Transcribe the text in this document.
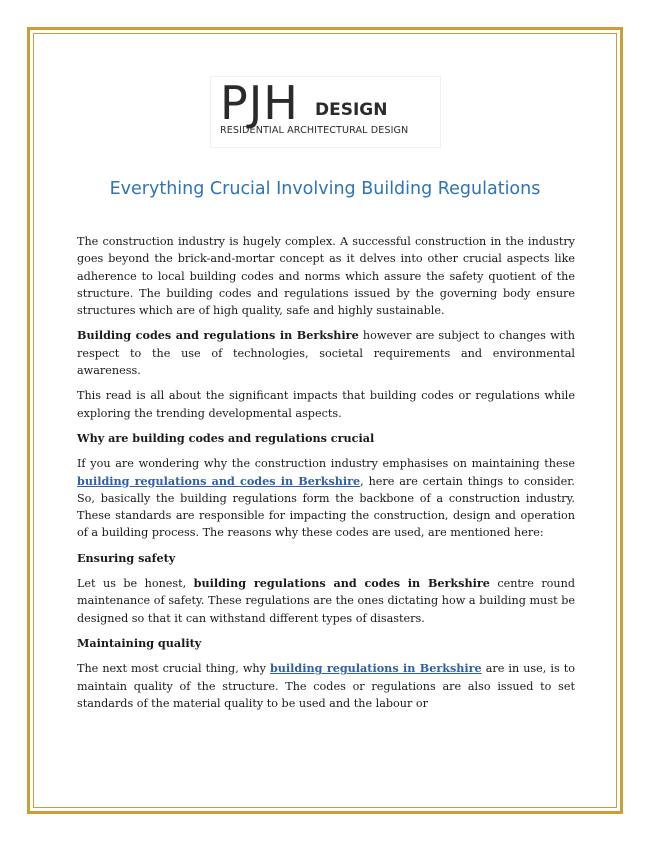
PJH DESIGN
RESIDENTIAL ARCHITECTURAL DESIGN
Everything Crucial Involving Building Regulations

The construction industry is hugely complex. A successful construction in the industry goes beyond the brick-and-mortar concept as it delves into other crucial aspects like adherence to local building codes and norms which assure the safety quotient of the structure. The building codes and regulations issued by the governing body ensure structures which are of high quality, safe and highly sustainable.

Building codes and regulations in Berkshire however are subject to changes with respect to the use of technologies, societal requirements and environmental awareness.

This read is all about the significant impacts that building codes or regulations while exploring the trending developmental aspects.

Why are building codes and regulations crucial

If you are wondering why the construction industry emphasises on maintaining these building regulations and codes in Berkshire, here are certain things to consider. So, basically the building regulations form the backbone of a construction industry. These standards are responsible for impacting the construction, design and operation of a building process. The reasons why these codes are used, are mentioned here:

Ensuring safety

Let us be honest, building regulations and codes in Berkshire centre round maintenance of safety. These regulations are the ones dictating how a building must be designed so that it can withstand different types of disasters.

Maintaining quality

The next most crucial thing, why building regulations in Berkshire are in use, is to maintain quality of the structure. The codes or regulations are also issued to set standards of the material quality to be used and the labour or
